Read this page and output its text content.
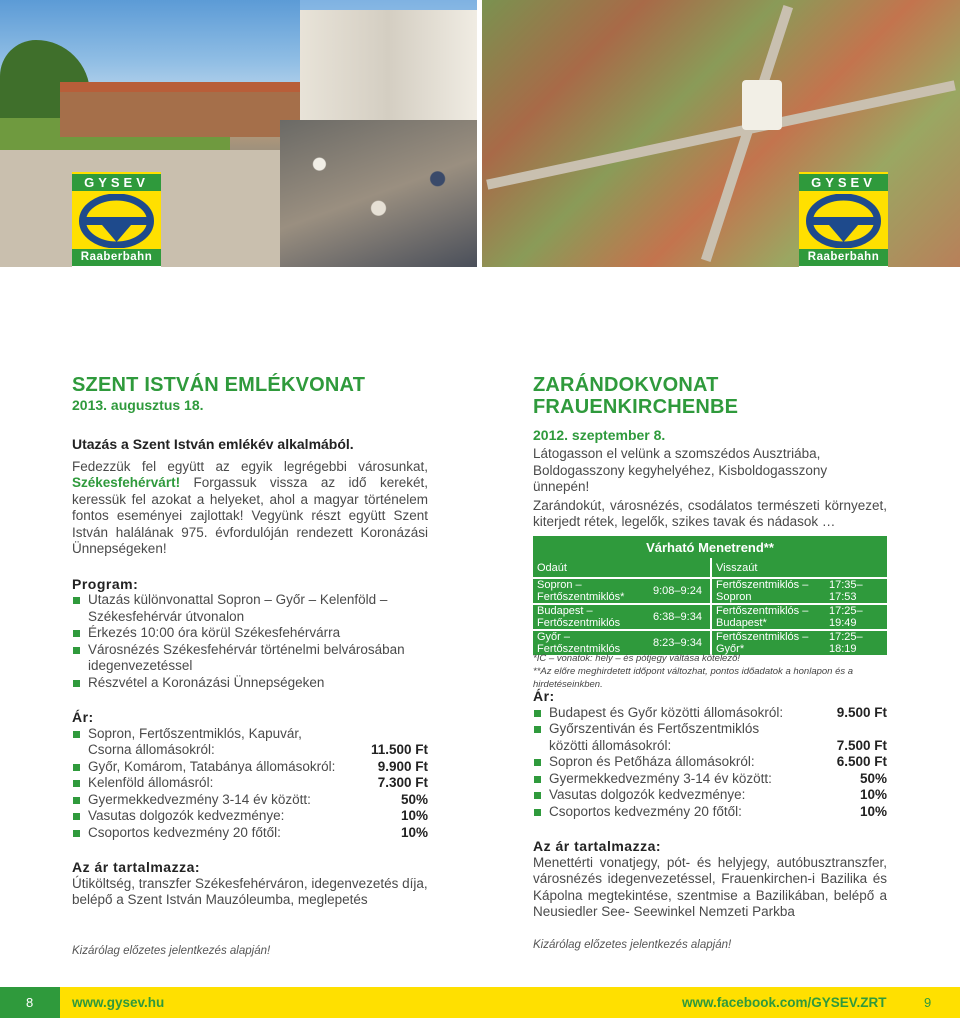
GYSEV
Raaberbahn
GYSEV
Raaberbahn
SZENT ISTVÁN EMLÉKVONAT
2013. augusztus 18.
Utazás a Szent István emlékév alkalmából.

Fedezzük fel együtt az egyik legrégebbi városunkat, Székesfehérvárt! Forgassuk vissza az idő kerekét, keressük fel azokat a helyeket, ahol a magyar történelem fontos eseményei zajlottak! Vegyünk részt együtt Szent István halálának 975. évfordulóján rendezett Koronázási Ünnepségeken!

Program:
Utazás különvonattal Sopron – Győr – Kelenföld – Székesfehérvár útvonalon
Érkezés 10:00 óra körül Székesfehérvárra
Városnézés Székesfehérvár történelmi belvárosában idegenvezetéssel
Részvétel a Koronázási Ünnepségeken
Ár:
Sopron, Fertőszentmiklós, Kapuvár,
Csorna állomásokról:	11.500 Ft
Győr, Komárom, Tatabánya állomásokról:	9.900 Ft
Kelenföld állomásról:	7.300 Ft
Gyermekkedvezmény 3-14 év között:	50%
Vasutas dolgozók kedvezménye:	10%
Csoportos kedvezmény 20 főtől:	10%
Az ár tartalmazza:

Útiköltség, transzfer Székesfehérváron, idegenvezetés díja, belépő a Szent István Mauzóleumba, meglepetés

Kizárólag előzetes jelentkezés alapján!

ZARÁNDOKVONAT
FRAUENKIRCHENBE
2012. szeptember 8.

Látogasson el velünk a szomszédos Ausztriába, Boldogasszony kegyhelyéhez, Kisboldogasszony ünnepén!

Zarándokút, városnézés, csodálatos természeti környezet, kiterjedt rétek, legelők, szikes tavak és nádasok …

Várható Menetrend**			
Odaút		Visszaút	
Sopron – Fertőszentmiklós*	9:08–9:24	Fertőszentmiklós – Sopron	17:35–17:53
Budapest – Fertőszentmiklós	6:38–9:34	Fertőszentmiklós – Budapest*	17:25–19:49
Győr – Fertőszentmiklós	8:23–9:34	Fertőszentmiklós – Győr*	17:25–18:19
*IC – vonatok: hely – és pótjegy váltása kötelező!
**Az előre meghirdetett időpont változhat, pontos időadatok a honlapon és a hirdetéseinkben.
Ár:
Budapest és Győr közötti állomásokról:	9.500 Ft
Győrszentiván és Fertőszentmiklós
közötti állomásokról:	7.500 Ft
Sopron és Petőháza állomásokról:	6.500 Ft
Gyermekkedvezmény 3-14 év között:	50%
Vasutas dolgozók kedvezménye:	10%
Csoportos kedvezmény 20 főtől:	10%
Az ár tartalmazza:

Menettérti vonatjegy, pót- és helyjegy, autóbusztranszfer, városnézés idegenvezetéssel, Frauenkirchen-i Bazilika és Kápolna megtekintése, szentmise a Bazilikában, belépő a Neusiedler See- Seewinkel Nemzeti Parkba

Kizárólag előzetes jelentkezés alapján!

8	www.gysev.hu	www.facebook.com/GYSEV.ZRT	9
